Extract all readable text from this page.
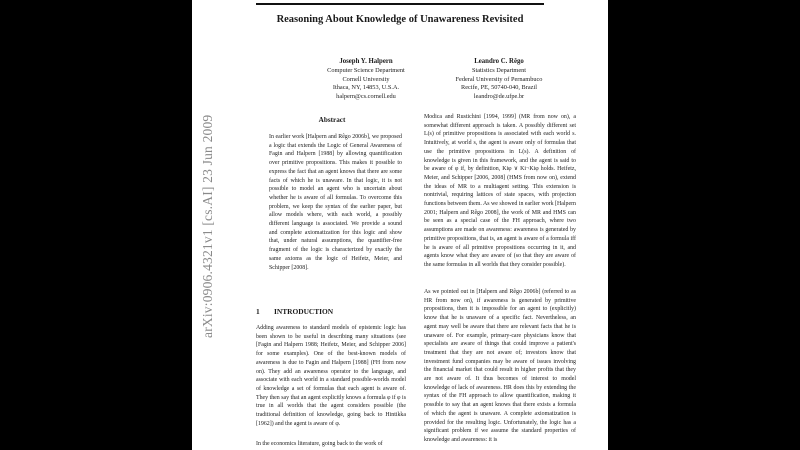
Reasoning About Knowledge of Unawareness Revisited
Joseph Y. Halpern
Computer Science Department
Cornell University
Ithaca, NY, 14853, U.S.A.
halpern@cs.cornell.edu
Leandro C. Rêgo
Statistics Department
Federal University of Pernambuco
Recife, PE, 50740-040, Brazil
leandro@de.ufpe.br
Abstract

In earlier work [Halpern and Rêgo 2006b], we proposed a logic that extends the Logic of General Awareness of Fagin and Halpern [1988] by allowing quantification over primitive propositions. This makes it possible to express the fact that an agent knows that there are some facts of which he is unaware. In that logic, it is not possible to model an agent who is uncertain about whether he is aware of all formulas. To overcome this problem, we keep the syntax of the earlier paper, but allow models where, with each world, a possibly different language is associated. We provide a sound and complete axiomatization for this logic and show that, under natural assumptions, the quantifier-free fragment of the logic is characterized by exactly the same axioms as the logic of Heifetz, Meier, and Schipper [2008].

1 INTRODUCTION

Adding awareness to standard models of epistemic logic has been shown to be useful in describing many situations (see [Fagin and Halpern 1988; Heifetz, Meier, and Schipper 2006] for some examples). One of the best-known models of awareness is due to Fagin and Halpern [1988] (FH from now on). They add an awareness operator to the language, and associate with each world in a standard possible-worlds model of knowledge a set of formulas that each agent is aware of. They then say that an agent explicitly knows a formula φ if φ is true in all worlds that the agent considers possible (the traditional definition of knowledge, going back to Hintikka [1962]) and the agent is aware of φ.

In the economics literature, going back to the work of

Modica and Rustichini [1994, 1999] (MR from now on), a somewhat different approach is taken. A possibly different set L(s) of primitive propositions is associated with each world s. Intuitively, at world s, the agent is aware only of formulas that use the primitive propositions in L(s). A definition of knowledge is given in this framework, and the agent is said to be aware of φ if, by definition, Kiφ ∨ Ki¬Kiφ holds. Heifetz, Meier, and Schipper [2006, 2008] (HMS from now on), extend the ideas of MR to a multiagent setting. This extension is nontrivial, requiring lattices of state spaces, with projection functions between them. As we showed in earlier work [Halpern 2001; Halpern and Rêgo 2008], the work of MR and HMS can be seen as a special case of the FH approach, where two assumptions are made on awareness: awareness is generated by primitive propositions, that is, an agent is aware of a formula iff he is aware of all primitive propositions occurring in it, and agents know what they are aware of (so that they are aware of the same formulas in all worlds that they consider possible).

As we pointed out in [Halpern and Rêgo 2006b] (referred to as HR from now on), if awareness is generated by primitive propositions, then it is impossible for an agent to (explicitly) know that he is unaware of a specific fact. Nevertheless, an agent may well be aware that there are relevant facts that he is unaware of. For example, primary-care physicians know that specialists are aware of things that could improve a patient's treatment that they are not aware of; investors know that investment fund companies may be aware of issues involving the financial market that could result in higher profits that they are not aware of. It thus becomes of interest to model knowledge of lack of awareness. HR does this by extending the syntax of the FH approach to allow quantification, making it possible to say that an agent knows that there exists a formula of which the agent is unaware. A complete axiomatization is provided for the resulting logic. Unfortunately, the logic has a significant problem if we assume the standard properties of knowledge and awareness: it is

arXiv:0906.4321v1 [cs.AI] 23 Jun 2009
